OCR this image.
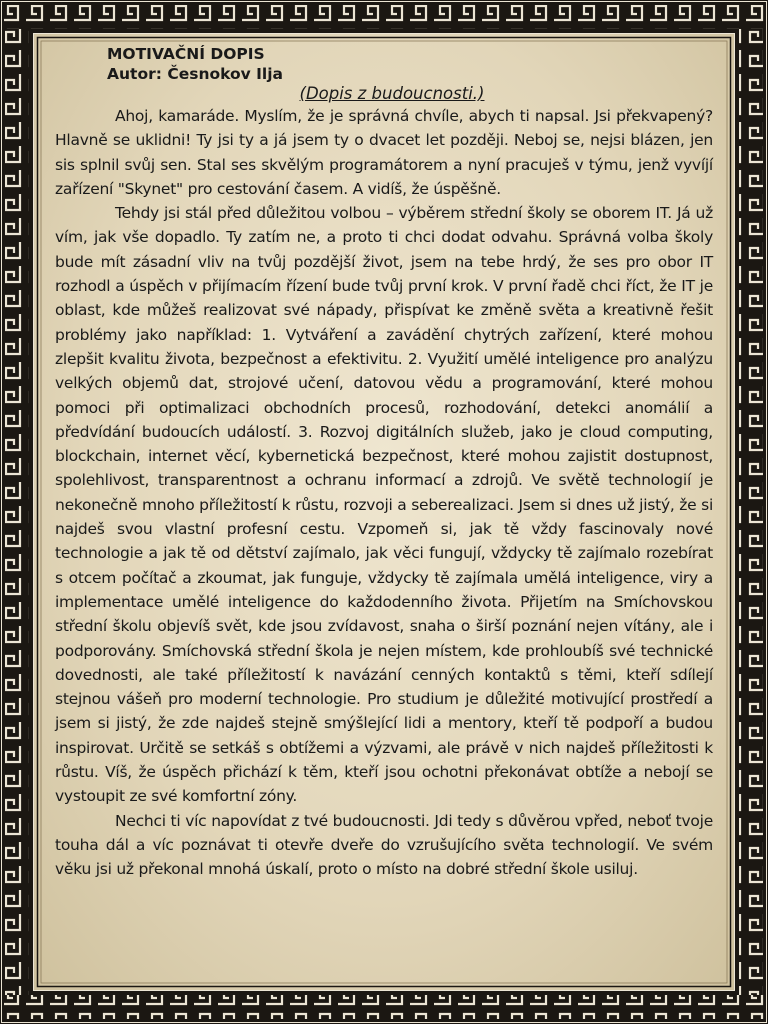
MOTIVAČNÍ DOPIS

Autor: Česnokov Ilja

(Dopis z budoucnosti.)

Ahoj, kamaráde. Myslím, že je správná chvíle, abych ti napsal. Jsi překvapený? Hlavně se uklidni! Ty jsi ty a já jsem ty o dvacet let později. Neboj se, nejsi blázen, jen sis splnil svůj sen. Stal ses skvělým programátorem a nyní pracuješ v týmu, jenž vyvíjí zařízení "Skynet" pro cestování časem. A vidíš, že úspěšně.

Tehdy jsi stál před důležitou volbou – výběrem střední školy se oborem IT. Já už vím, jak vše dopadlo. Ty zatím ne, a proto ti chci dodat odvahu. Správná volba školy bude mít zásadní vliv na tvůj pozdější život, jsem na tebe hrdý, že ses pro obor IT rozhodl a úspěch v přijímacím řízení bude tvůj první krok. V první řadě chci říct, že IT je oblast, kde můžeš realizovat své nápady, přispívat ke změně světa a kreativně řešit problémy jako například: 1. Vytváření a zavádění chytrých zařízení, které mohou zlepšit kvalitu života, bezpečnost a efektivitu. 2. Využití umělé inteligence pro analýzu velkých objemů dat, strojové učení, datovou vědu a programování, které mohou pomoci při optimalizaci obchodních procesů, rozhodování, detekci anomálií a předvídání budoucích událostí. 3. Rozvoj digitálních služeb, jako je cloud computing, blockchain, internet věcí, kybernetická bezpečnost, které mohou zajistit dostupnost, spolehlivost, transparentnost a ochranu informací a zdrojů. Ve světě technologií je nekonečně mnoho příležitostí k růstu, rozvoji a seberealizaci. Jsem si dnes už jistý, že si najdeš svou vlastní profesní cestu. Vzpomeň si, jak tě vždy fascinovaly nové technologie a jak tě od dětství zajímalo, jak věci fungují, vždycky tě zajímalo rozebírat s otcem počítač a zkoumat, jak funguje, vždycky tě zajímala umělá inteligence, viry a implementace umělé inteligence do každodenního života. Přijetím na Smíchovskou střední školu objevíš svět, kde jsou zvídavost, snaha o širší poznání nejen vítány, ale i podporovány. Smíchovská střední škola je nejen místem, kde prohloubíš své technické dovednosti, ale také příležitostí k navázání cenných kontaktů s těmi, kteří sdílejí stejnou vášeň pro moderní technologie. Pro studium je důležité motivující prostředí a jsem si jistý, že zde najdeš stejně smýšlející lidi a mentory, kteří tě podpoří a budou inspirovat. Určitě se setkáš s obtížemi a výzvami, ale právě v nich najdeš příležitosti k růstu. Víš, že úspěch přichází k těm, kteří jsou ochotni překonávat obtíže a nebojí se vystoupit ze své komfortní zóny.

Nechci ti víc napovídat z tvé budoucnosti. Jdi tedy s důvěrou vpřed, neboť tvoje touha dál a víc poznávat ti otevře dveře do vzrušujícího světa technologií. Ve svém věku jsi už překonal mnohá úskalí, proto o místo na dobré střední škole usiluj.
